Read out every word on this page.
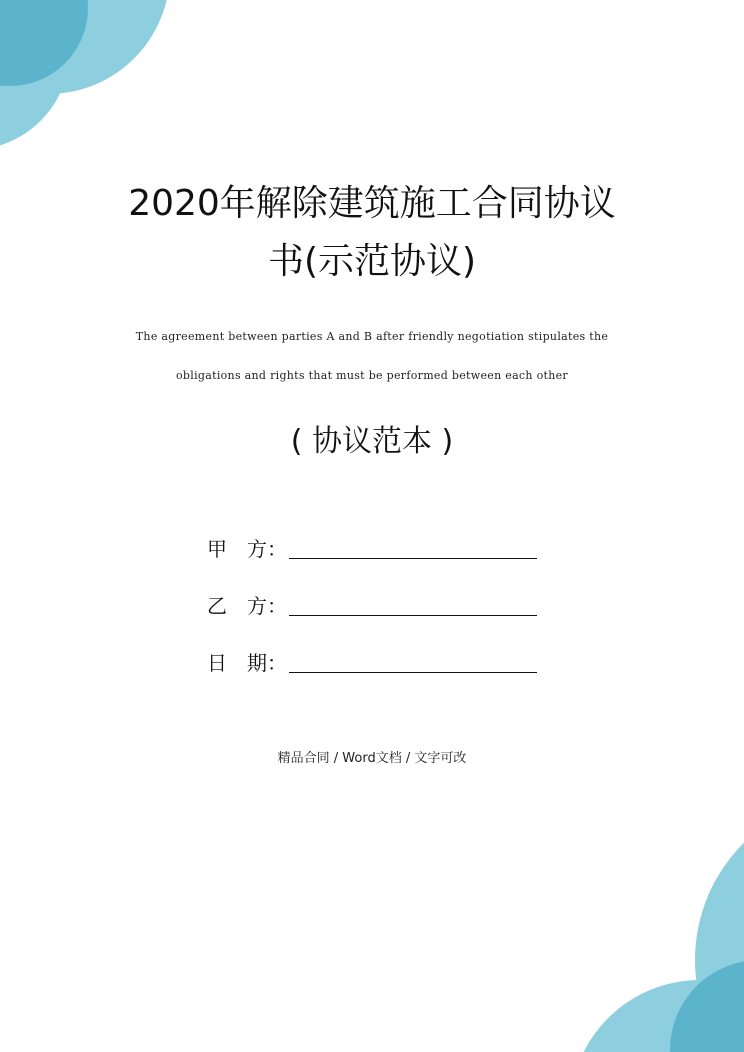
2020年解除建筑施工合同协议
书(示范协议)
The agreement between parties A and B after friendly negotiation stipulates the
obligations and rights that must be performed between each other
( 协议范本 )
甲　方：
乙　方：
日　期：
精品合同 / Word文档 / 文字可改
